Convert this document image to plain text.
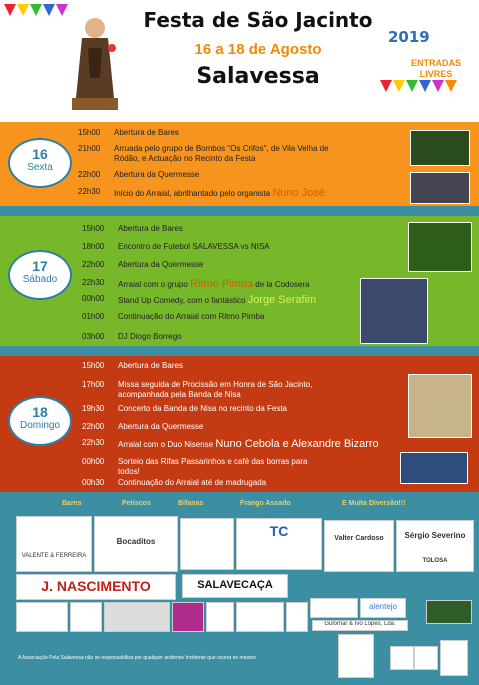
Festa de São Jacinto
16 a 18 de Agosto
Salavessa
2019
ENTRADAS LIVRES
16
Sexta
15h00 Abertura de Bares
21h00 Arruada pelo grupo de Bombos "Os Crifos", de Vila Velha de Ródão, e Actuação no Recinto da Festa
22h00 Abertura da Quermesse
22h30 Início do Arraial, abrilhantado pelo organista Nuno José
17
Sábado
15h00 Abertura de Bares
18h00 Encontro de Futebol SALAVESSA vs NISA
22h00 Abertura da Quermesse
22h30 Arraial com o grupo Ritmo Pimba de la Codosera
00h00 Stand Up Comedy, com o fantástico Jorge Serafim
01h00 Continuação do Arraial com Ritmo Pimba
03h00 DJ Diogo Borrego
18
Domingo
15h00 Abertura de Bares
17h00 Missa seguida de Procissão em Honra de São Jacinto, acompanhada pela Banda de Nisa
19h30 Concerto da Banda de Nisa no recinto da Festa
22h00 Abertura da Quermesse
22h30 Arraial com o Duo Nisense Nuno Cebola e Alexandre Bizarro
00h00 Sorteio das Rifas Passarinhos e café das borras para todos!
00h30 Continuação do Arraial até de madrugada
Bares	Petiscos	Bifanas	Frango Assado	E Muita Diversão!!!
VALENTE & FERREIRA
Bocaditos
TC	Valter Cardoso	Sérgio Severino
TOLOSA
J. NASCIMENTO	SALAVECAÇA
alentejo
Gulomar & Ivo Lopes, Lda.
A Associação Pela Salavessa não se responsabiliza por qualquer acidente/ incidente que ocorra no mesmo
